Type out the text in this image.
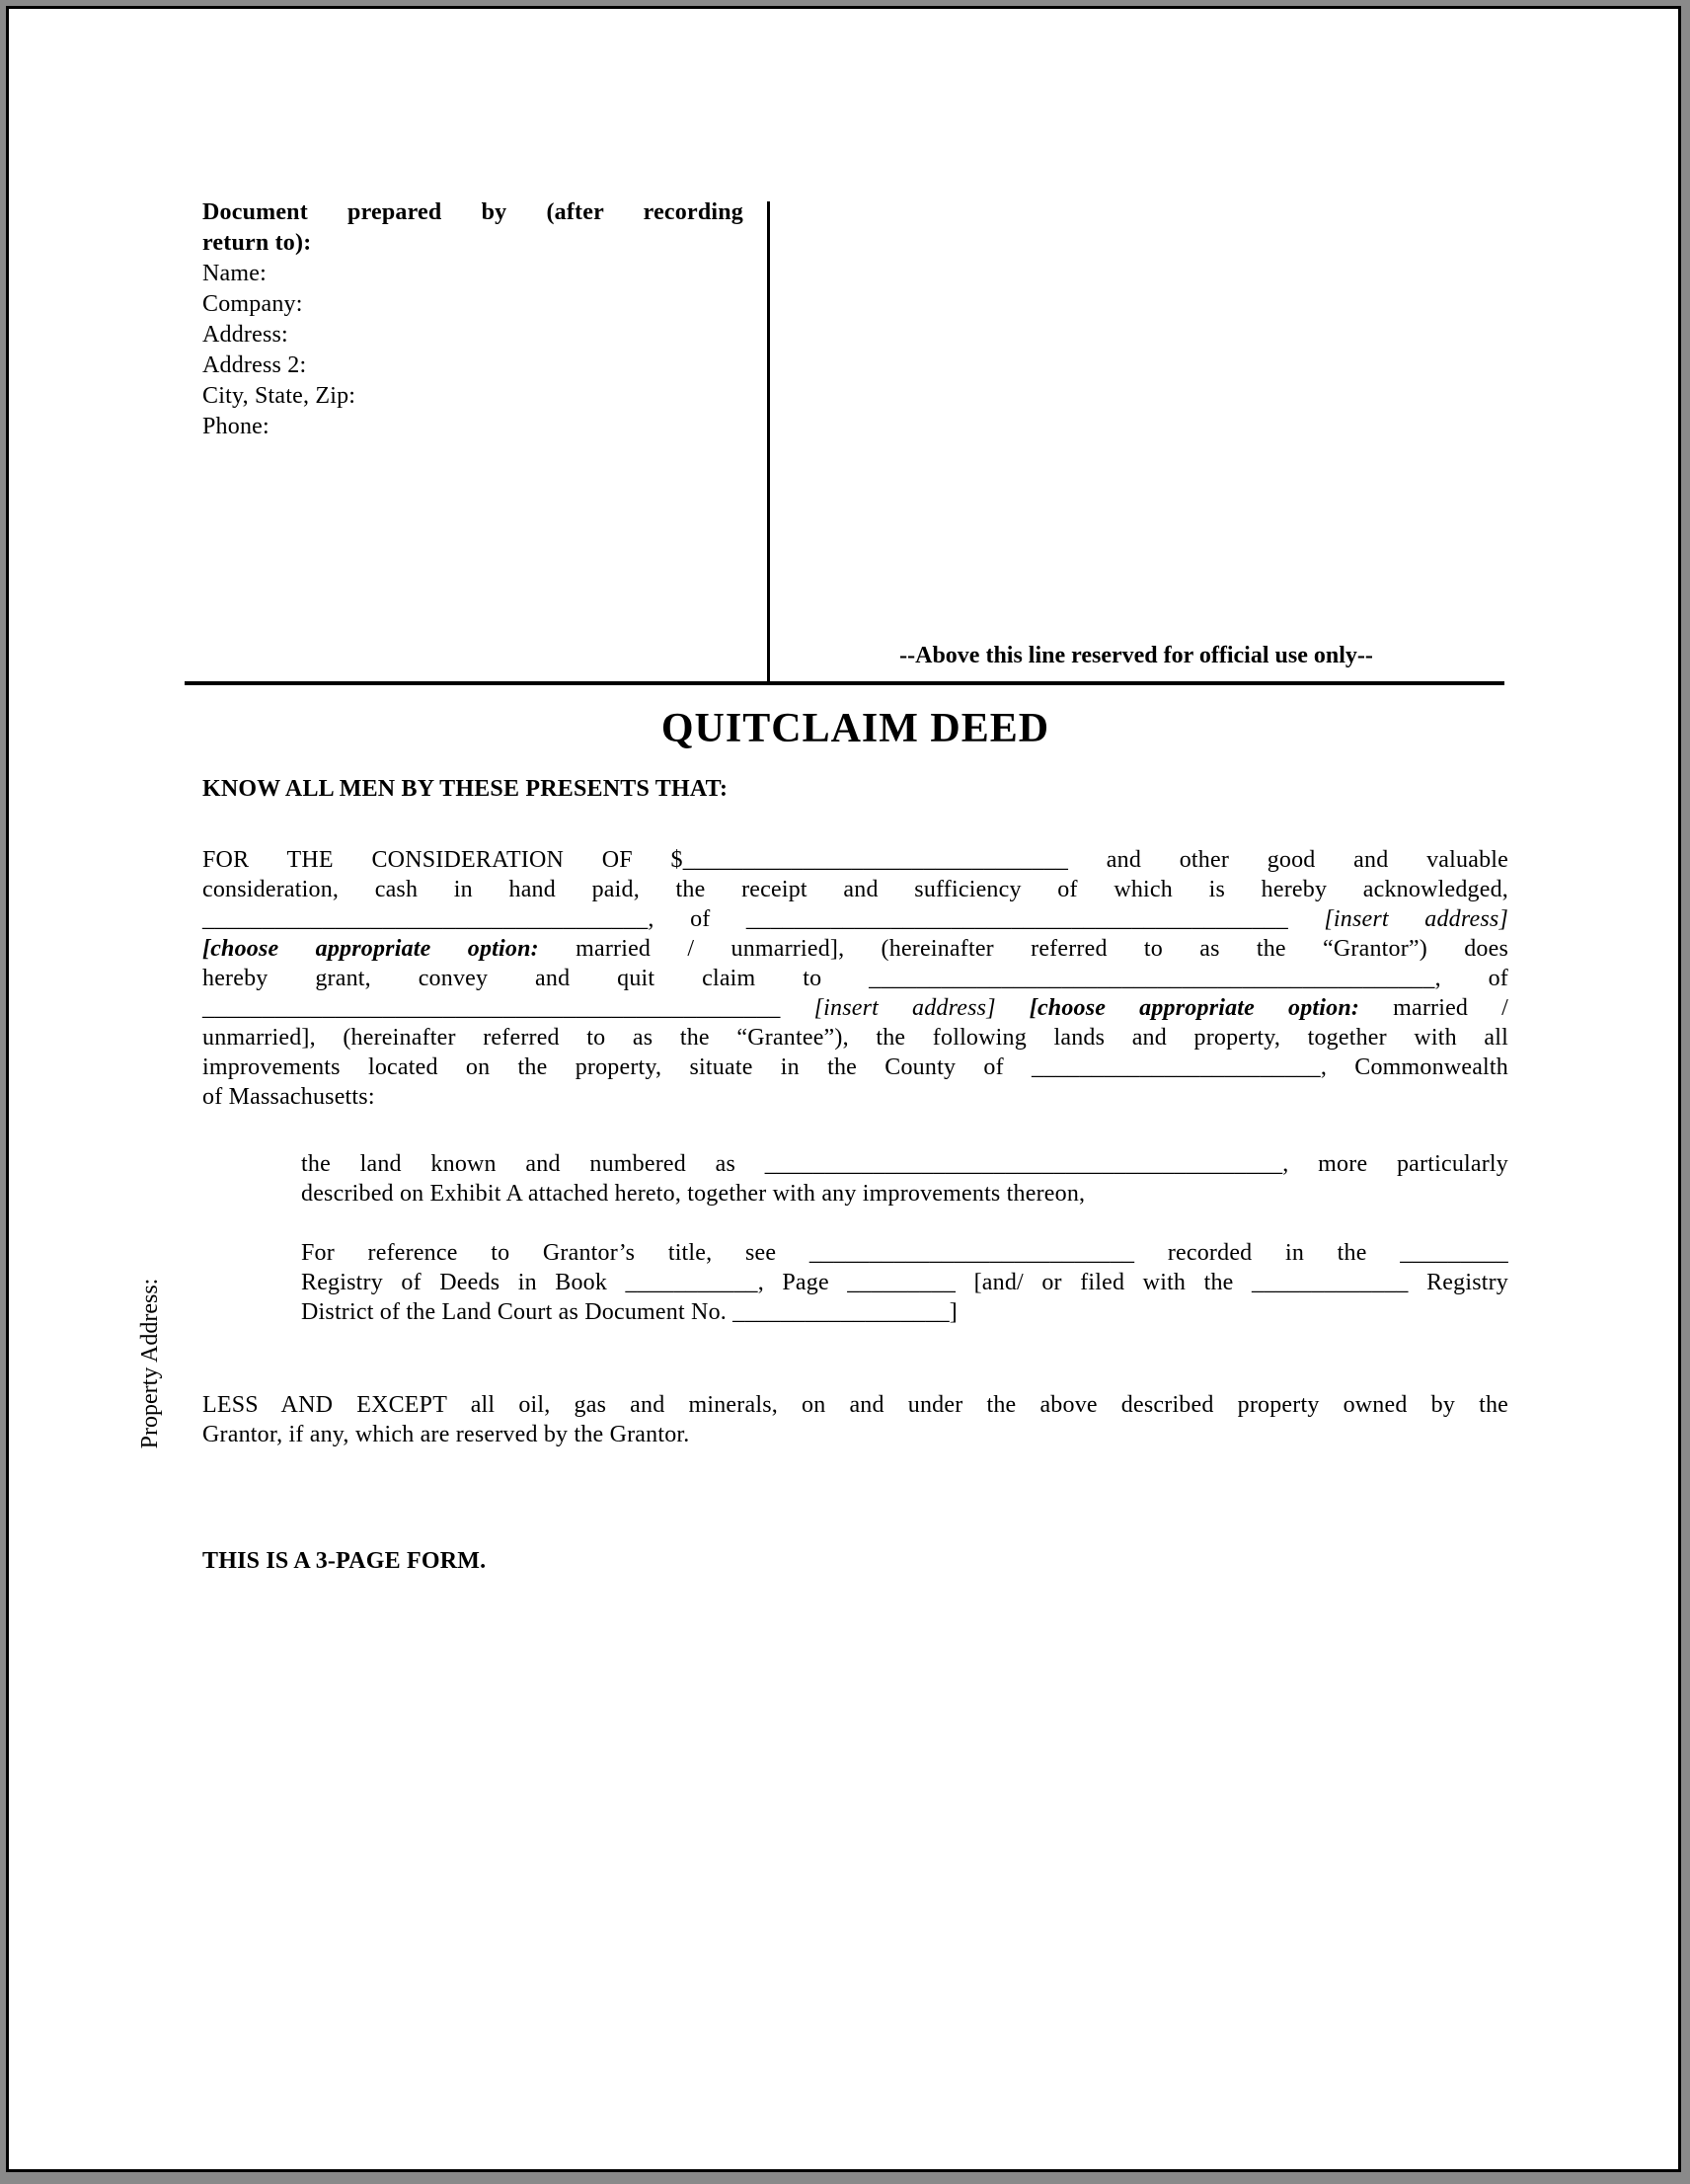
Document prepared by (after recording
return to):
Name:
Company:
Address:
Address 2:
City, State, Zip:
Phone:
--Above this line reserved for official use only--
QUITCLAIM DEED
KNOW ALL MEN BY THESE PRESENTS THAT:
FOR THE CONSIDERATION OF $________________________________ and other good and valuable
consideration, cash in hand paid, the receipt and sufficiency of which is hereby acknowledged,
_____________________________________, of _____________________________________________ [insert address]
[choose appropriate option: married / unmarried], (hereinafter referred to as the “Grantor”) does
hereby grant, convey and quit claim to _______________________________________________, of
________________________________________________ [insert address] [choose appropriate option: married /
unmarried], (hereinafter referred to as the “Grantee”), the following lands and property, together with all
improvements located on the property, situate in the County of ________________________, Commonwealth
of Massachusetts:
the land known and numbered as ___________________________________________, more particularly
described on Exhibit A attached hereto, together with any improvements thereon,
For reference to Grantor’s title, see ___________________________ recorded in the _________
Registry of Deeds in Book ___________, Page _________ [and/ or filed with the _____________ Registry
District of the Land Court as Document No. __________________]
LESS AND EXCEPT all oil, gas and minerals, on and under the above described property owned by the
Grantor, if any, which are reserved by the Grantor.
THIS IS A 3-PAGE FORM.
Property Address:
